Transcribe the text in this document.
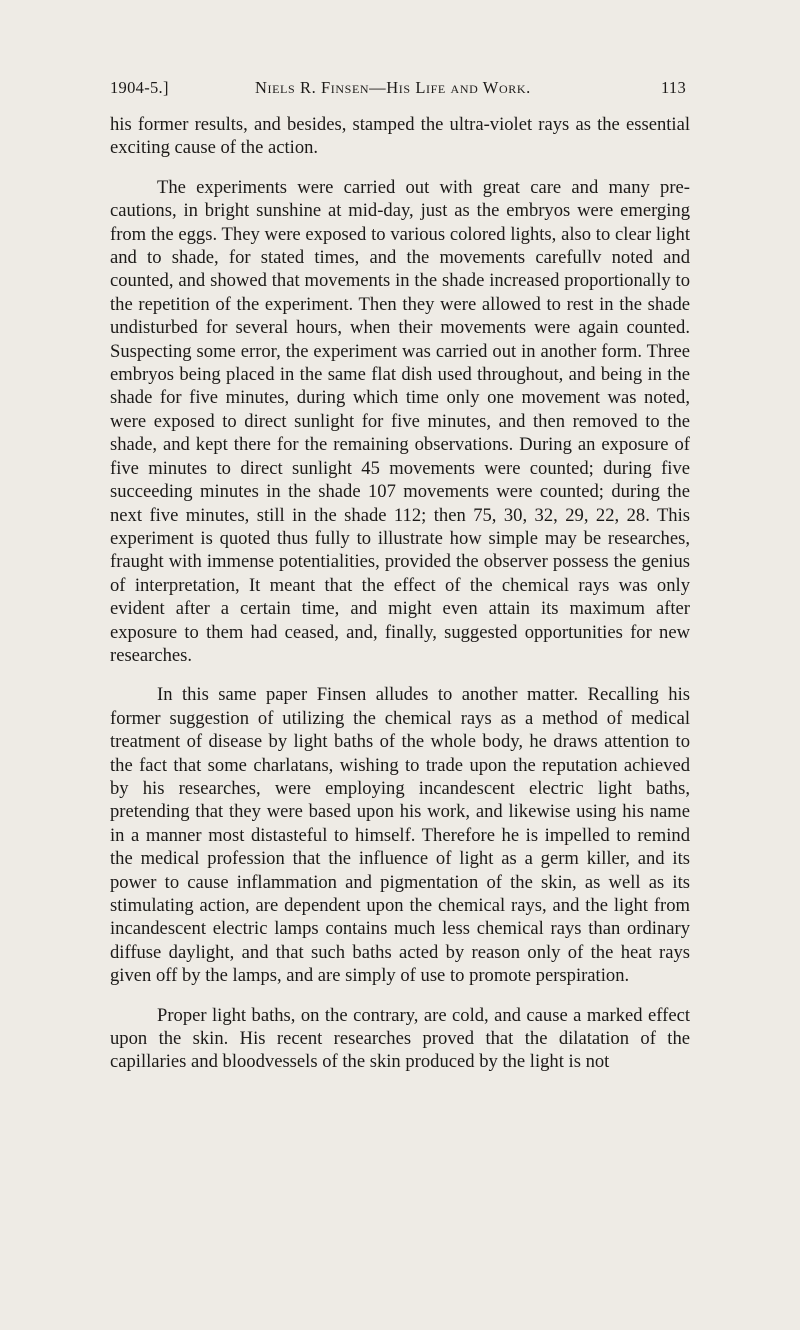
1904-5.]	Niels R. Finsen—His Life and Work.	113

his former results, and besides, stamped the ultra-violet rays as the essential exciting cause of the action.

The experiments were carried out with great care and many pre- cautions, in bright sunshine at mid-day, just as the embryos were emerging from the eggs. They were exposed to various colored lights, also to clear light and to shade, for stated times, and the movements carefullv noted and counted, and showed that movements in the shade increased proportionally to the repetition of the experiment. Then they were allowed to rest in the shade undisturbed for several hours, when their movements were again counted. Suspecting some error, the experiment was carried out in another form. Three embryos being placed in the same flat dish used throughout, and being in the shade for five minutes, during which time only one movement was noted, were exposed to direct sunlight for five minutes, and then removed to the shade, and kept there for the remaining observations. During an exposure of five minutes to direct sunlight 45 movements were counted; during five succeeding minutes in the shade 107 movements were counted; during the next five minutes, still in the shade 112; then 75, 30, 32, 29, 22, 28. This experiment is quoted thus fully to illustrate how simple may be researches, fraught with immense potentialities, provided the observer possess the genius of interpretation, It meant that the effect of the chemical rays was only evident after a certain time, and might even attain its maximum after exposure to them had ceased, and, finally, suggested opportunities for new researches.

In this same paper Finsen alludes to another matter. Recalling his former suggestion of utilizing the chemical rays as a method of medical treatment of disease by light baths of the whole body, he draws attention to the fact that some charlatans, wishing to trade upon the reputation achieved by his researches, were employing incandescent electric light baths, pretending that they were based upon his work, and likewise using his name in a manner most distasteful to himself. Therefore he is impelled to remind the medical profession that the influence of light as a germ killer, and its power to cause inflammation and pigmentation of the skin, as well as its stimulating action, are dependent upon the chemical rays, and the light from incandescent electric lamps contains much less chemical rays than ordinary diffuse daylight, and that such baths acted by reason only of the heat rays given off by the lamps, and are simply of use to promote perspiration.

Proper light baths, on the contrary, are cold, and cause a marked effect upon the skin. His recent researches proved that the dilatation of the capillaries and bloodvessels of the skin produced by the light is not
